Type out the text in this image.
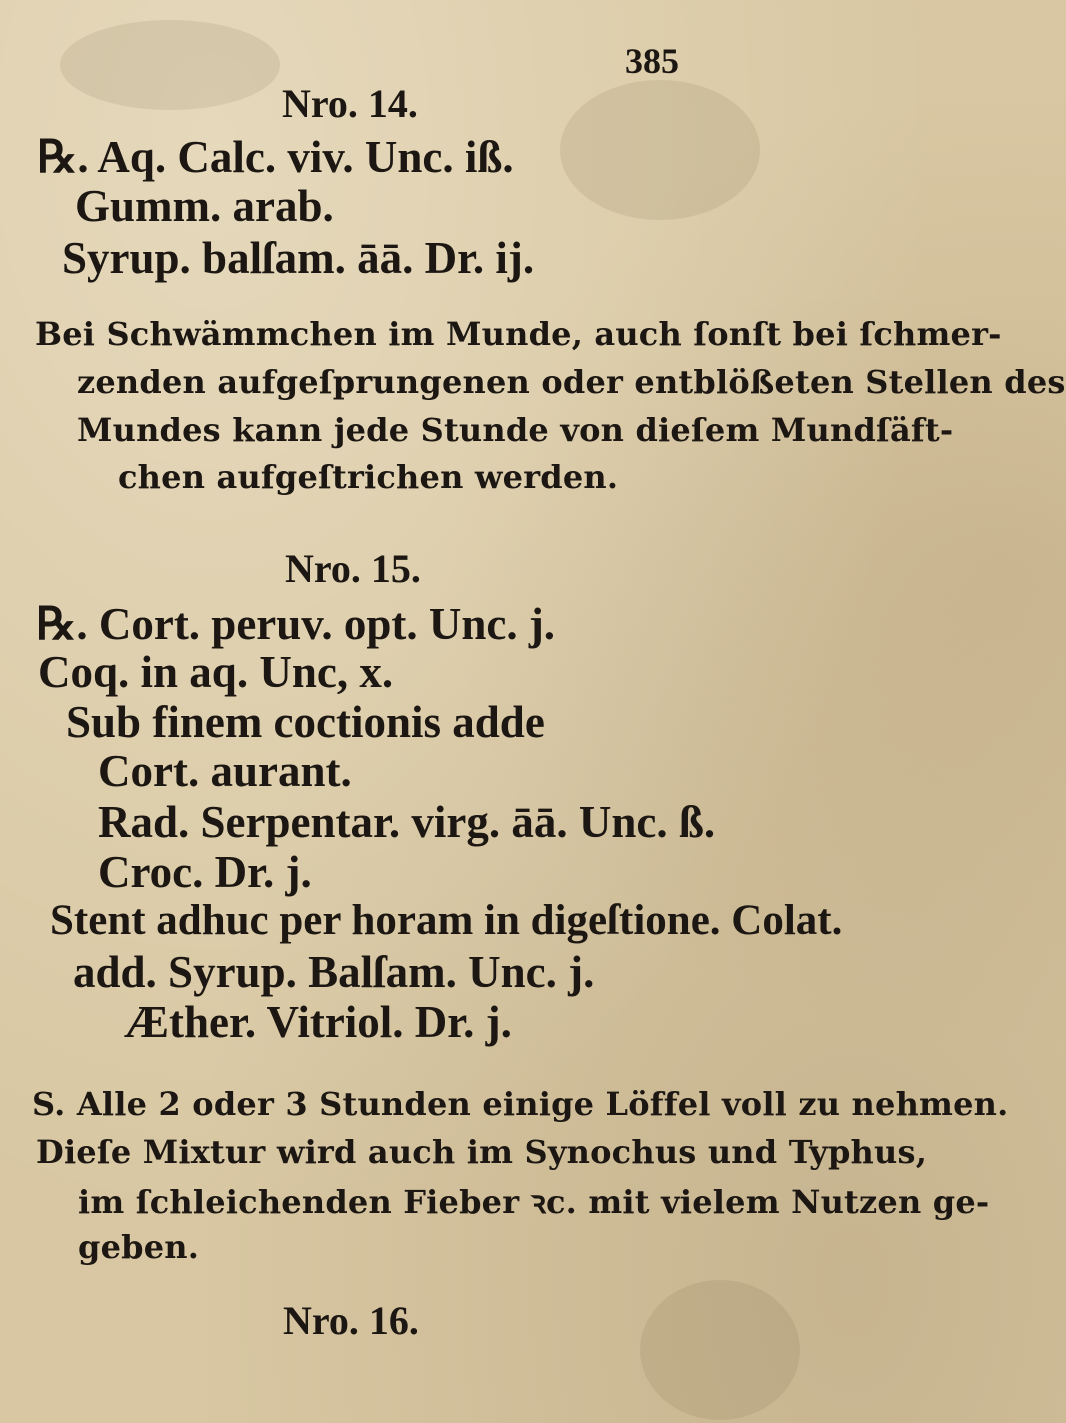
385
Nro. 14.
℞. Aq. Calc. viv. Unc. iß.
Gumm. arab.
Syrup. balſam. āā. Dr. ij.
Bei Schwämmchen im Munde, auch ſonſt bei ſchmer-
zenden aufgeſprungenen oder entblößeten Stellen des
Mundes kann jede Stunde von dieſem Mundſäft-
chen aufgeſtrichen werden.
Nro. 15.
℞. Cort. peruv. opt. Unc. j.
Coq. in aq. Unc, x.
Sub finem coctionis adde
Cort. aurant.
Rad. Serpentar. virg. āā. Unc. ß.
Croc. Dr. j.
Stent adhuc per horam in digeſtione. Colat.
add. Syrup. Balſam. Unc. j.
Æther. Vitriol. Dr. j.
S. Alle 2 oder 3 Stunden einige Löffel voll zu nehmen.
Dieſe Mixtur wird auch im Synochus und Typhus,
im ſchleichenden Fieber ꝛc. mit vielem Nutzen ge-
geben.
Nro. 16.
